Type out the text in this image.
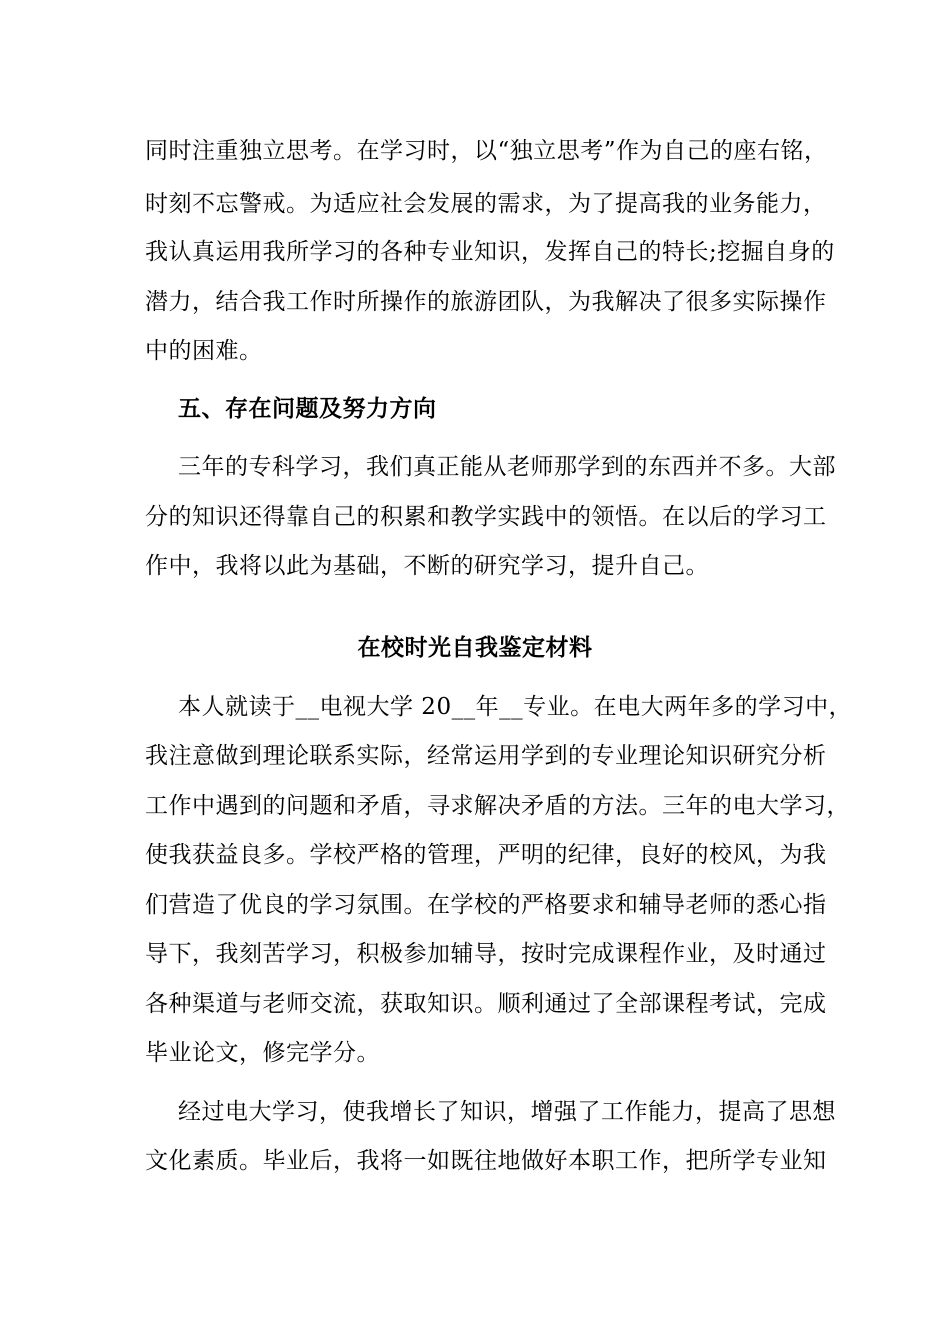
同时注重独立思考。在学习时，以“独立思考”作为自己的座右铭，
时刻不忘警戒。为适应社会发展的需求，为了提高我的业务能力，
我认真运用我所学习的各种专业知识，发挥自己的特长;挖掘自身的
潜力，结合我工作时所操作的旅游团队，为我解决了很多实际操作
中的困难。
五、存在问题及努力方向
三年的专科学习，我们真正能从老师那学到的东西并不多。大部
分的知识还得靠自己的积累和教学实践中的领悟。在以后的学习工
作中，我将以此为基础，不断的研究学习，提升自己。
在校时光自我鉴定材料
本人就读于__电视大学 20__年__专业。在电大两年多的学习中，
我注意做到理论联系实际，经常运用学到的专业理论知识研究分析
工作中遇到的问题和矛盾，寻求解决矛盾的方法。三年的电大学习，
使我获益良多。学校严格的管理，严明的纪律，良好的校风，为我
们营造了优良的学习氛围。在学校的严格要求和辅导老师的悉心指
导下，我刻苦学习，积极参加辅导，按时完成课程作业，及时通过
各种渠道与老师交流，获取知识。顺利通过了全部课程考试，完成
毕业论文，修完学分。
经过电大学习，使我增长了知识，增强了工作能力，提高了思想
文化素质。毕业后，我将一如既往地做好本职工作，把所学专业知
